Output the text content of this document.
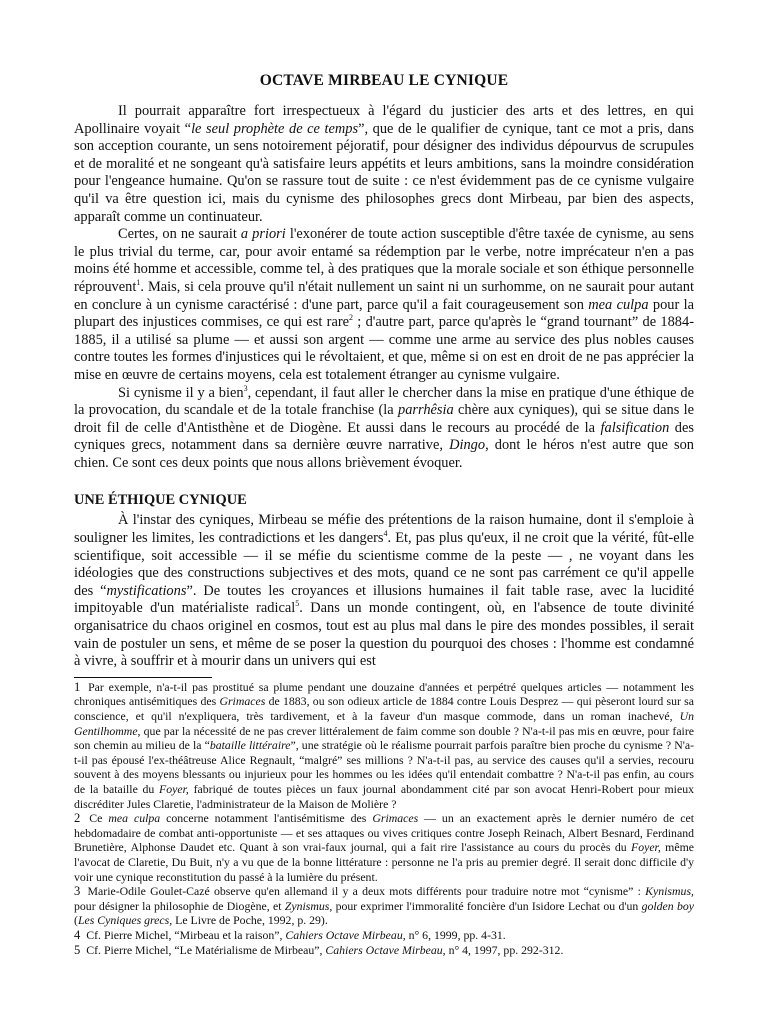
OCTAVE MIRBEAU LE CYNIQUE

Il pourrait apparaître fort irrespectueux à l'égard du justicier des arts et des lettres, en qui Apollinaire voyait “le seul prophète de ce temps”, que de le qualifier de cynique, tant ce mot a pris, dans son acception courante, un sens notoirement péjoratif, pour désigner des individus dépourvus de scrupules et de moralité et ne songeant qu'à satisfaire leurs appétits et leurs ambitions, sans la moindre considération pour l'engeance humaine. Qu'on se rassure tout de suite : ce n'est évidemment pas de ce cynisme vulgaire qu'il va être question ici, mais du cynisme des philosophes grecs dont Mirbeau, par bien des aspects, apparaît comme un continuateur.

Certes, on ne saurait a priori l'exonérer de toute action susceptible d'être taxée de cynisme, au sens le plus trivial du terme, car, pour avoir entamé sa rédemption par le verbe, notre imprécateur n'en a pas moins été homme et accessible, comme tel, à des pratiques que la morale sociale et son éthique personnelle réprouvent$^1$. Mais, si cela prouve qu'il n'était nullement un saint ni un surhomme, on ne saurait pour autant en conclure à un cynisme caractérisé : d'une part, parce qu'il a fait courageusement son mea culpa pour la plupart des injustices commises, ce qui est rare$^2$ ; d'autre part, parce qu'après le “grand tournant” de 1884-1885, il a utilisé sa plume — et aussi son argent — comme une arme au service des plus nobles causes contre toutes les formes d'injustices qui le révoltaient, et que, même si on est en droit de ne pas apprécier la mise en œuvre de certains moyens, cela est totalement étranger au cynisme vulgaire.

Si cynisme il y a bien$^3$, cependant, il faut aller le chercher dans la mise en pratique d'une éthique de la provocation, du scandale et de la totale franchise (la parrhêsia chère aux cyniques), qui se situe dans le droit fil de celle d'Antisthène et de Diogène. Et aussi dans le recours au procédé de la falsification des cyniques grecs, notamment dans sa dernière œuvre narrative, Dingo, dont le héros n'est autre que son chien. Ce sont ces deux points que nous allons brièvement évoquer.

UNE ÉTHIQUE CYNIQUE

À l'instar des cyniques, Mirbeau se méfie des prétentions de la raison humaine, dont il s'emploie à souligner les limites, les contradictions et les dangers$^4$. Et, pas plus qu'eux, il ne croit que la vérité, fût-elle scientifique, soit accessible — il se méfie du scientisme comme de la peste — , ne voyant dans les idéologies que des constructions subjectives et des mots, quand ce ne sont pas carrément ce qu'il appelle des “mystifications”. De toutes les croyances et illusions humaines il fait table rase, avec la lucidité impitoyable d'un matérialiste radical$^5$. Dans un monde contingent, où, en l'absence de toute divinité organisatrice du chaos originel en cosmos, tout est au plus mal dans le pire des mondes possibles, il serait vain de postuler un sens, et même de se poser la question du pourquoi des choses : l'homme est condamné à vivre, à souffrir et à mourir dans un univers qui est

1 Par exemple, n'a-t-il pas prostitué sa plume pendant une douzaine d'années et perpétré quelques articles — notamment les chroniques antisémitiques des Grimaces de 1883, ou son odieux article de 1884 contre Louis Desprez — qui pèseront lourd sur sa conscience, et qu'il n'expliquera, très tardivement, et à la faveur d'un masque commode, dans un roman inachevé, Un Gentilhomme, que par la nécessité de ne pas crever littéralement de faim comme son double ? N'a-t-il pas mis en œuvre, pour faire son chemin au milieu de la “bataille littéraire”, une stratégie où le réalisme pourrait parfois paraître bien proche du cynisme ? N'a-t-il pas épousé l'ex-théâtreuse Alice Regnault, “malgré” ses millions ? N'a-t-il pas, au service des causes qu'il a servies, recouru souvent à des moyens blessants ou injurieux pour les hommes ou les idées qu'il entendait combattre ? N'a-t-il pas enfin, au cours de la bataille du Foyer, fabriqué de toutes pièces un faux journal abondamment cité par son avocat Henri-Robert pour mieux discréditer Jules Claretie, l'administrateur de la Maison de Molière ?

2 Ce mea culpa concerne notamment l'antisémitisme des Grimaces — un an exactement après le dernier numéro de cet hebdomadaire de combat anti-opportuniste — et ses attaques ou vives critiques contre Joseph Reinach, Albert Besnard, Ferdinand Brunetière, Alphonse Daudet etc. Quant à son vrai-faux journal, qui a fait rire l'assistance au cours du procès du Foyer, même l'avocat de Claretie, Du Buit, n'y a vu que de la bonne littérature : personne ne l'a pris au premier degré. Il serait donc difficile d'y voir une cynique reconstitution du passé à la lumière du présent.

3 Marie-Odile Goulet-Cazé observe qu'en allemand il y a deux mots différents pour traduire notre mot “cynisme” : Kynismus, pour désigner la philosophie de Diogène, et Zynismus, pour exprimer l'immoralité foncière d'un Isidore Lechat ou d'un golden boy (Les Cyniques grecs, Le Livre de Poche, 1992, p. 29).

4 Cf. Pierre Michel, “Mirbeau et la raison”, Cahiers Octave Mirbeau, n° 6, 1999, pp. 4-31.

5 Cf. Pierre Michel, “Le Matérialisme de Mirbeau”, Cahiers Octave Mirbeau, n° 4, 1997, pp. 292-312.
